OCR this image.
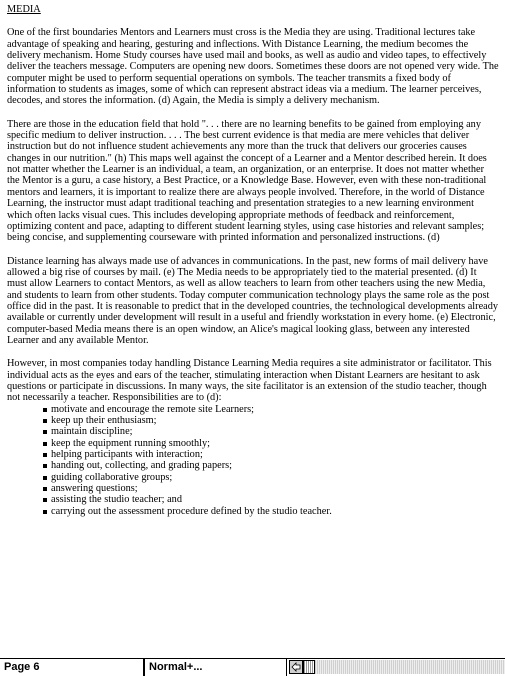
MEDIA

One of the first boundaries Mentors and Learners must cross is the Media they are using. Traditional lectures take advantage of speaking and hearing, gesturing and inflections. With Distance Learning, the medium becomes the delivery mechanism. Home Study courses have used mail and books, as well as audio and video tapes, to effectively deliver the teachers message. Computers are opening new doors. Sometimes these doors are not opened very wide. The computer might be used to perform sequential operations on symbols. The teacher transmits a fixed body of information to students as images, some of which can represent abstract ideas via a medium. The learner perceives, decodes, and stores the information. (d) Again, the Media is simply a delivery mechanism.

There are those in the education field that hold ". . . there are no learning benefits to be gained from employing any specific medium to deliver instruction. . . . The best current evidence is that media are mere vehicles that deliver instruction but do not influence student achievements any more than the truck that delivers our groceries causes changes in our nutrition." (h) This maps well against the concept of a Learner and a Mentor described herein. It does not matter whether the Learner is an individual, a team, an organization, or an enterprise. It does not matter whether the Mentor is a guru, a case history, a Best Practice, or a Knowledge Base. However, even with these non-traditional mentors and learners, it is important to realize there are always people involved. Therefore, in the world of Distance Learning, the instructor must adapt traditional teaching and presentation strategies to a new learning environment which often lacks visual cues. This includes developing appropriate methods of feedback and reinforcement, optimizing content and pace, adapting to different student learning styles, using case histories and relevant samples; being concise, and supplementing courseware with printed information and personalized instructions. (d)

Distance learning has always made use of advances in communications. In the past, new forms of mail delivery have allowed a big rise of courses by mail. (e) The Media needs to be appropriately tied to the material presented. (d) It must allow Learners to contact Mentors, as well as allow teachers to learn from other teachers using the new Media, and students to learn from other students. Today computer communication technology plays the same role as the post office did in the past. It is reasonable to predict that in the developed countries, the technological developments already available or currently under development will result in a useful and friendly workstation in every home. (e) Electronic, computer-based Media means there is an open window, an Alice's magical looking glass, between any interested Learner and any available Mentor.

However, in most companies today handling Distance Learning Media requires a site administrator or facilitator. This individual acts as the eyes and ears of the teacher, stimulating interaction when Distant Learners are hesitant to ask questions or participate in discussions. In many ways, the site facilitator is an extension of the studio teacher, though not necessarily a teacher. Responsibilities are to (d):

motivate and encourage the remote site Learners;
keep up their enthusiasm;
maintain discipline;
keep the equipment running smoothly;
helping participants with interaction;
handing out, collecting, and grading papers;
guiding collaborative groups;
answering questions;
assisting the studio teacher; and
carrying out the assessment procedure defined by the studio teacher.
Page 6	Normal+...
